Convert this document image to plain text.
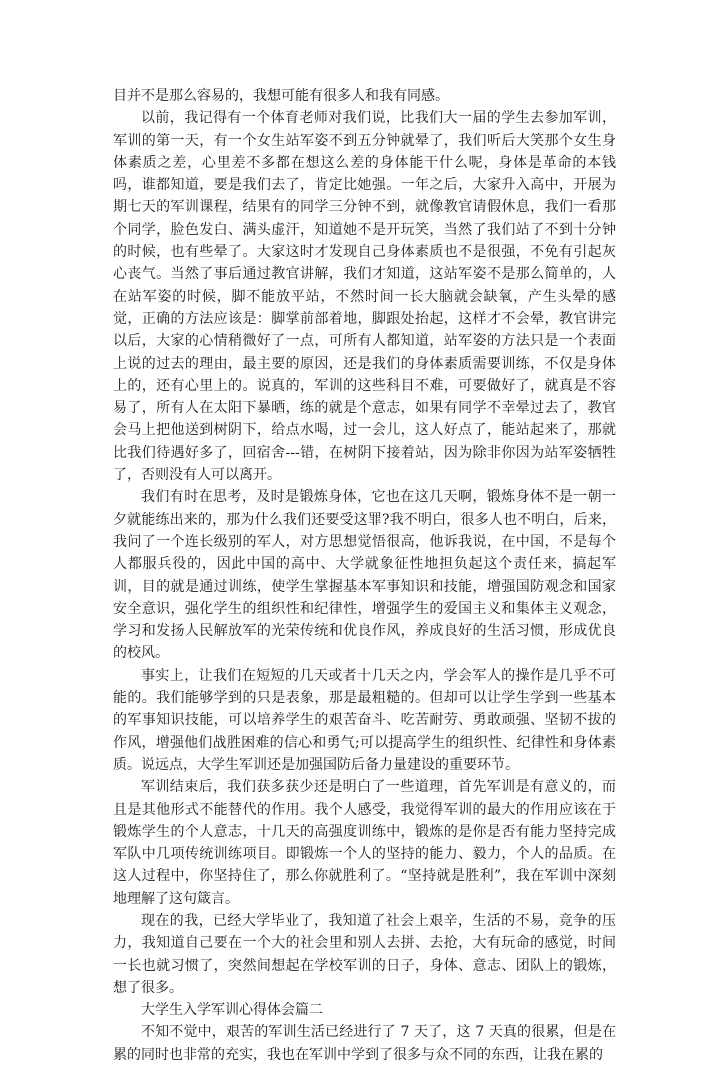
目并不是那么容易的，我想可能有很多人和我有同感。

以前，我记得有一个体育老师对我们说，比我们大一届的学生去参加军训，军训的第一天，有一个女生站军姿不到五分钟就晕了，我们听后大笑那个女生身体素质之差，心里差不多都在想这么差的身体能干什么呢，身体是革命的本钱吗，谁都知道，要是我们去了，肯定比她强。一年之后，大家升入高中，开展为期七天的军训课程，结果有的同学三分钟不到，就像教官请假休息，我们一看那个同学，脸色发白、满头虚汗，知道她不是开玩笑，当然了我们站了不到十分钟的时候，也有些晕了。大家这时才发现自己身体素质也不是很强，不免有引起灰心丧气。当然了事后通过教官讲解，我们才知道，这站军姿不是那么简单的，人在站军姿的时候，脚不能放平站，不然时间一长大脑就会缺氧，产生头晕的感觉，正确的方法应该是：脚掌前部着地，脚跟处抬起，这样才不会晕，教官讲完以后，大家的心情稍微好了一点，可所有人都知道，站军姿的方法只是一个表面上说的过去的理由，最主要的原因，还是我们的身体素质需要训练，不仅是身体上的，还有心里上的。说真的，军训的这些科目不难，可要做好了，就真是不容易了，所有人在太阳下暴晒，练的就是个意志，如果有同学不幸晕过去了，教官会马上把他送到树阴下，给点水喝，过一会儿，这人好点了，能站起来了，那就比我们待遇好多了，回宿舍---错，在树阴下接着站，因为除非你因为站军姿牺牲了，否则没有人可以离开。

我们有时在思考，及时是锻炼身体，它也在这几天啊，锻炼身体不是一朝一夕就能练出来的，那为什么我们还要受这罪?我不明白，很多人也不明白，后来，我问了一个连长级别的军人，对方思想觉悟很高，他诉我说，在中国，不是每个人都服兵役的，因此中国的高中、大学就象征性地担负起这个责任来，搞起军训，目的就是通过训练，使学生掌握基本军事知识和技能，增强国防观念和国家安全意识，强化学生的组织性和纪律性，增强学生的爱国主义和集体主义观念，学习和发扬人民解放军的光荣传统和优良作风，养成良好的生活习惯，形成优良的校风。

事实上，让我们在短短的几天或者十几天之内，学会军人的操作是几乎不可能的。我们能够学到的只是表象，那是最粗糙的。但却可以让学生学到一些基本的军事知识技能，可以培养学生的艰苦奋斗、吃苦耐劳、勇敢顽强、坚韧不拔的作风，增强他们战胜困难的信心和勇气;可以提高学生的组织性、纪律性和身体素质。说远点，大学生军训还是加强国防后备力量建设的重要环节。

军训结束后，我们获多获少还是明白了一些道理，首先军训是有意义的，而且是其他形式不能替代的作用。我个人感受，我觉得军训的最大的作用应该在于锻炼学生的个人意志，十几天的高强度训练中，锻炼的是你是否有能力坚持完成军队中几项传统训练项目。即锻炼一个人的坚持的能力、毅力，个人的品质。在这人过程中，你坚持住了，那么你就胜利了。“坚持就是胜利”，我在军训中深刻地理解了这句箴言。

现在的我，已经大学毕业了，我知道了社会上艰辛，生活的不易，竞争的压力，我知道自己要在一个大的社会里和别人去拼、去抢，大有玩命的感觉，时间一长也就习惯了，突然间想起在学校军训的日子，身体、意志、团队上的锻炼，想了很多。

大学生入学军训心得体会篇二

不知不觉中，艰苦的军训生活已经进行了 7 天了，这 7 天真的很累，但是在累的同时也非常的充实，我也在军训中学到了很多与众不同的东西，让我在累的
